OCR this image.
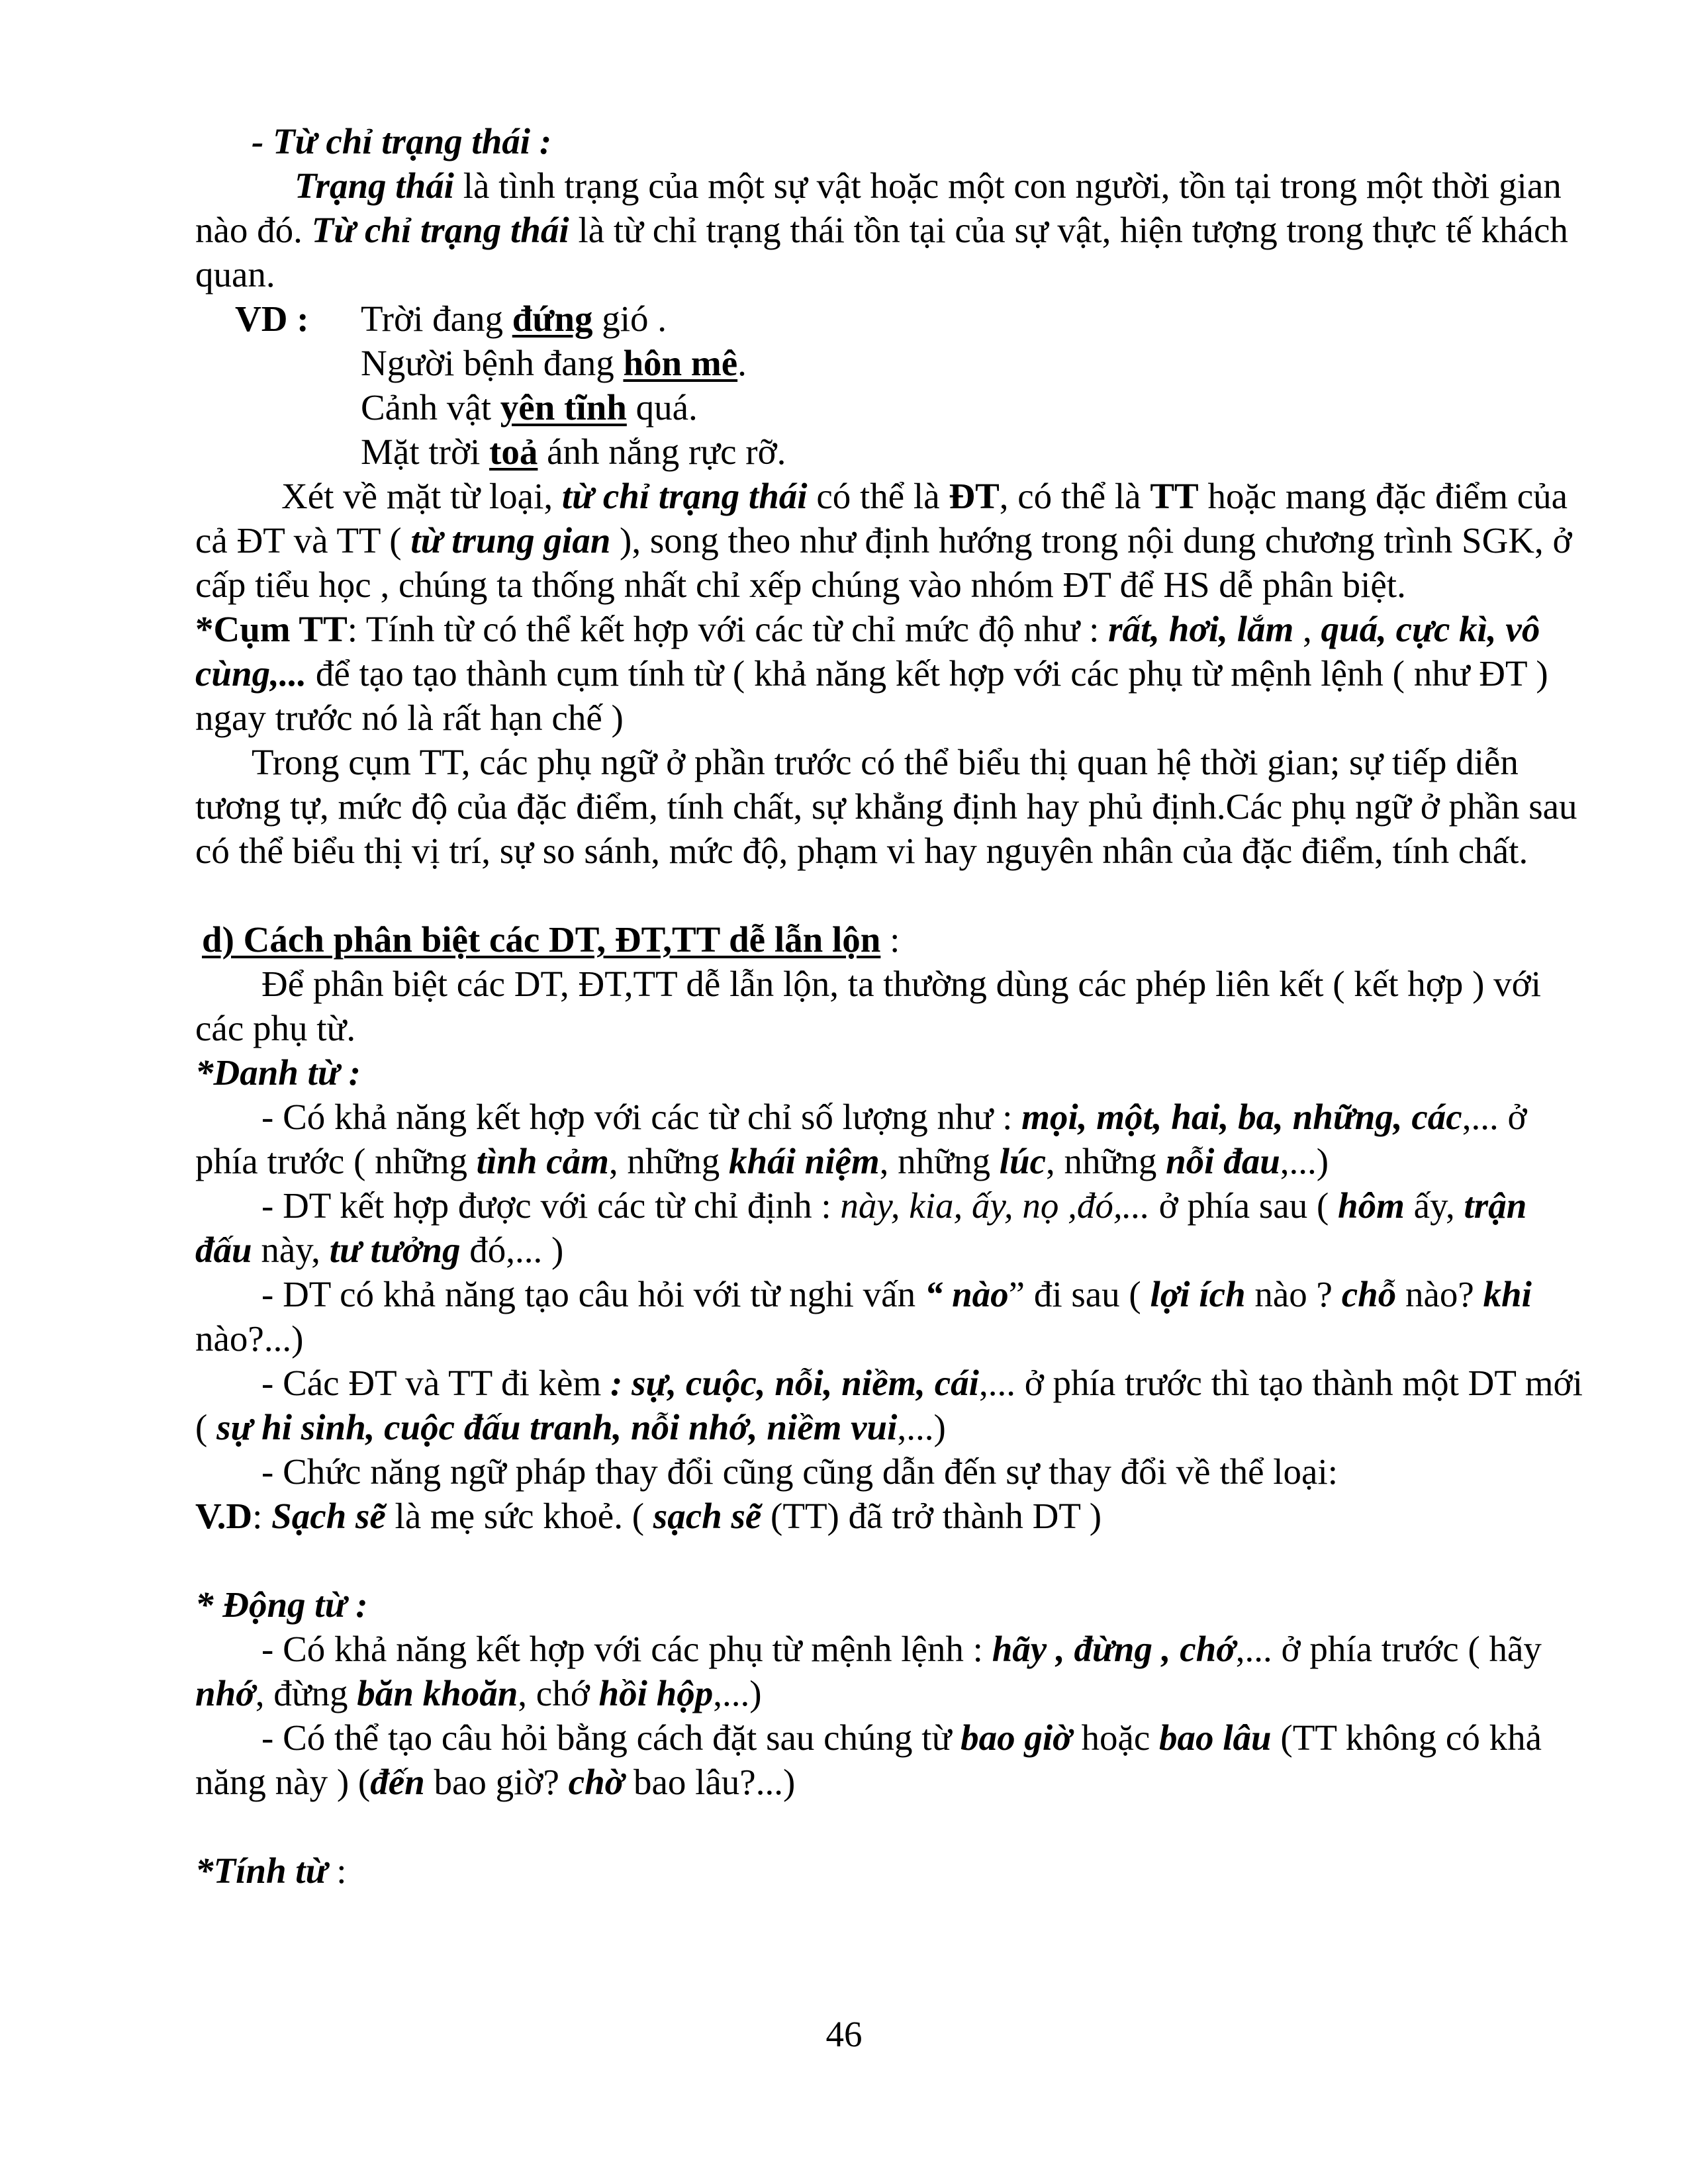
- Từ chỉ trạng thái :

Trạng thái là tình trạng của một sự vật hoặc một con người, tồn tại trong một thời gian nào đó. Từ chỉ trạng thái là từ chỉ trạng thái tồn tại của sự vật, hiện tượng trong thực tế khách quan.

VD :	Trời đang đứng gió .

Người bệnh đang hôn mê.

Cảnh vật yên tĩnh quá.

Mặt trời toả ánh nắng rực rỡ.

Xét về mặt từ loại, từ chỉ trạng thái có thể là ĐT, có thể là TT hoặc mang đặc điểm của cả ĐT và TT ( từ trung gian ), song theo như định hướng trong nội dung chương trình SGK, ở cấp tiểu học , chúng ta thống nhất chỉ xếp chúng vào nhóm ĐT để HS dễ phân biệt.

*Cụm TT: Tính từ có thể kết hợp với các từ chỉ mức độ như : rất, hơi, lắm , quá, cực kì, vô cùng,... để tạo tạo thành cụm tính từ ( khả năng kết hợp với các phụ từ mệnh lệnh ( như ĐT ) ngay trước nó là rất hạn chế )

Trong cụm TT, các phụ ngữ ở phần trước có thể biểu thị quan hệ thời gian; sự tiếp diễn tương tự, mức độ của đặc điểm, tính chất, sự khẳng định hay phủ định.Các phụ ngữ ở phần sau có thể biểu thị vị trí, sự so sánh, mức độ, phạm vi hay nguyên nhân của đặc điểm, tính chất.

d) Cách phân biệt các DT, ĐT,TT dễ lẫn lộn :

Để phân biệt các DT, ĐT,TT dễ lẫn lộn, ta thường dùng các phép liên kết ( kết hợp ) với các phụ từ.

*Danh từ :

- Có khả năng kết hợp với các từ chỉ số lượng như : mọi, một, hai, ba, những, các,... ở phía trước ( những tình cảm, những khái niệm, những lúc, những nỗi đau,...)

- DT kết hợp được với các từ chỉ định : này, kia, ấy, nọ ,đó,... ở phía sau ( hôm ấy, trận đấu này, tư tưởng đó,... )

- DT có khả năng tạo câu hỏi với từ nghi vấn “ nào” đi sau ( lợi ích nào ? chỗ nào? khi nào?...)

- Các ĐT và TT đi kèm : sự, cuộc, nỗi, niềm, cái,... ở phía trước thì tạo thành một DT mới ( sự hi sinh, cuộc đấu tranh, nỗi nhớ, niềm vui,...)

- Chức năng ngữ pháp thay đổi cũng cũng dẫn đến sự thay đổi về thể loại:

V.D: Sạch sẽ là mẹ sức khoẻ. ( sạch sẽ (TT) đã trở thành DT )

* Động từ :

- Có khả năng kết hợp với các phụ từ mệnh lệnh : hãy , đừng , chớ,... ở phía trước ( hãy nhớ, đừng băn khoăn, chớ hồi hộp,...)

- Có thể tạo câu hỏi bằng cách đặt sau chúng từ bao giờ hoặc bao lâu (TT không có khả năng này ) (đến bao giờ? chờ bao lâu?...)

*Tính từ :

46
